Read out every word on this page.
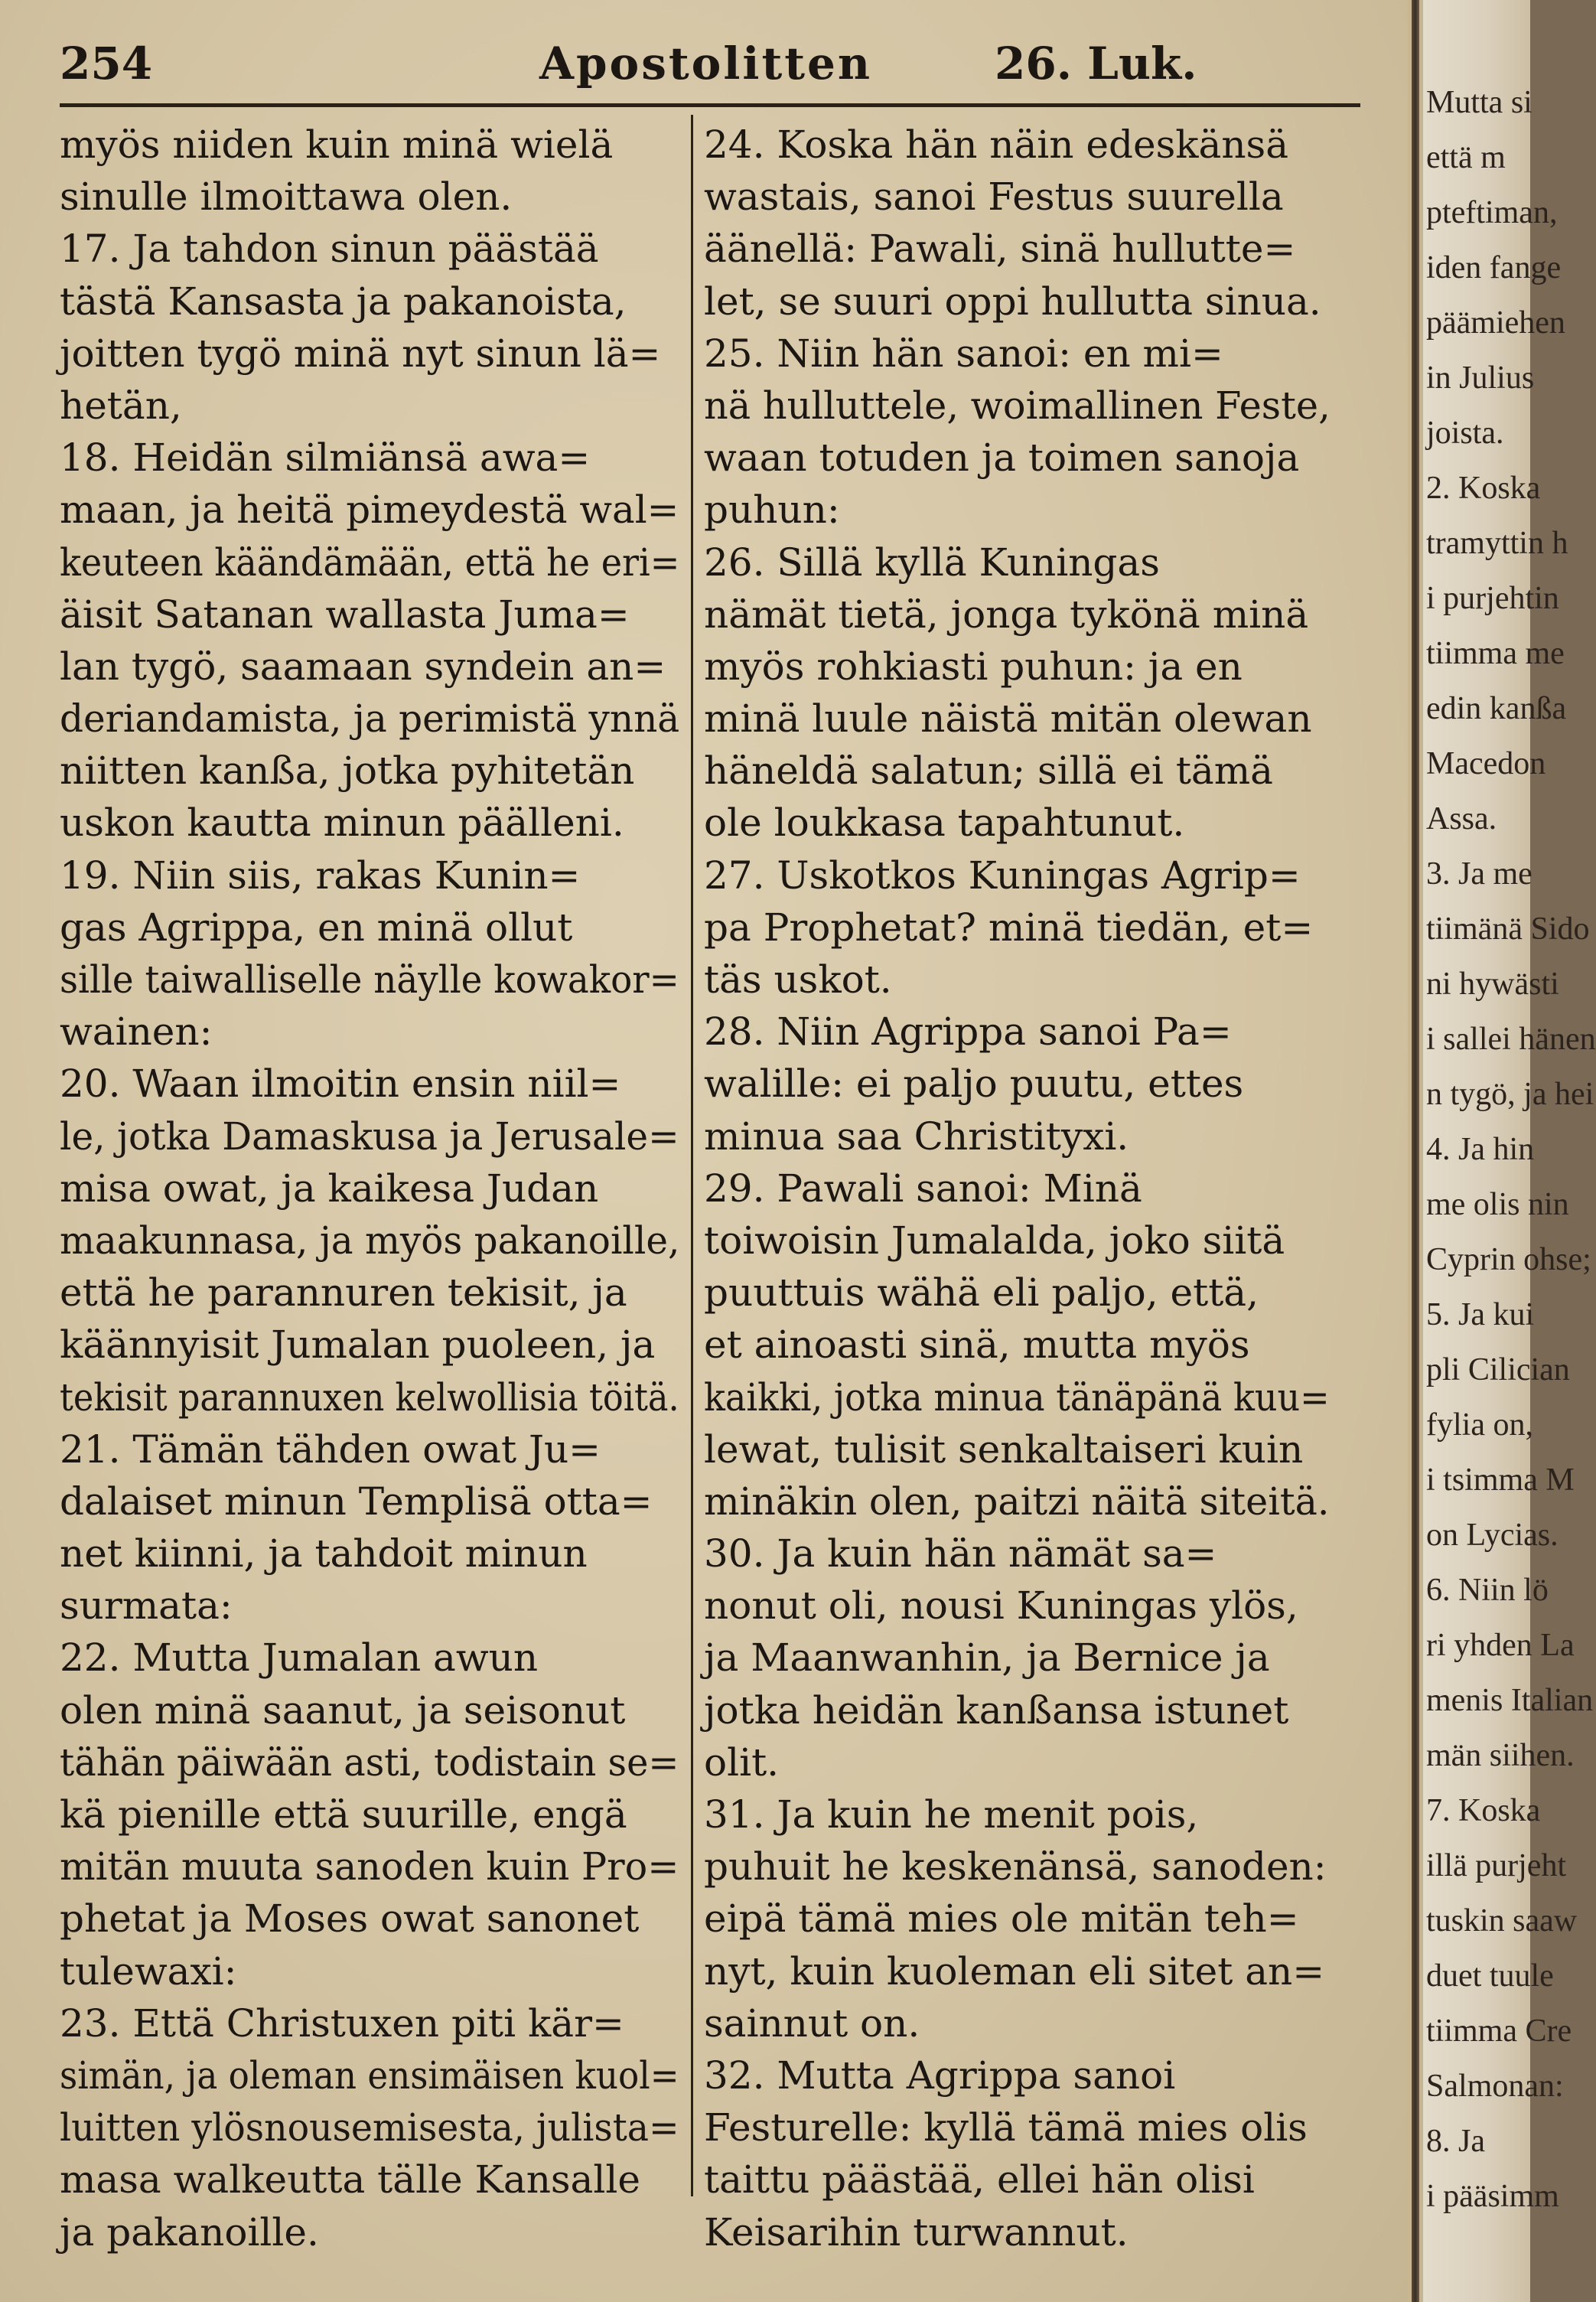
254	Apostolitten	26. Luk.
myös niiden kuin minä wielä
sinulle ilmoittawa olen.
17. Ja tahdon sinun päästää
tästä Kansasta ja pakanoista,
joitten tygö minä nyt sinun lä=
hetän,
18. Heidän silmiänsä awa=
maan, ja heitä pimeydestä wal=
keuteen käändämään, että he eri=
äisit Satanan wallasta Juma=
lan tygö, saamaan syndein an=
deriandamista, ja perimistä ynnä
niitten kanßa, jotka pyhitetän
uskon kautta minun päälleni.
19. Niin siis, rakas Kunin=
gas Agrippa, en minä ollut
sille taiwalliselle näylle kowakor=
wainen:
20. Waan ilmoitin ensin niil=
le, jotka Damaskusa ja Jerusale=
misa owat, ja kaikesa Judan
maakunnasa, ja myös pakanoille,
että he parannuren tekisit, ja
käännyisit Jumalan puoleen, ja
tekisit parannuxen kelwollisia töitä.
21. Tämän tähden owat Ju=
dalaiset minun Templisä otta=
net kiinni, ja tahdoit minun
surmata:
22. Mutta Jumalan awun
olen minä saanut, ja seisonut
tähän päiwään asti, todistain se=
kä pienille että suurille, engä
mitän muuta sanoden kuin Pro=
phetat ja Moses owat sanonet
tulewaxi:
23. Että Christuxen piti kär=
simän, ja oleman ensimäisen kuol=
luitten ylösnousemisesta, julista=
masa walkeutta tälle Kansalle
ja pakanoille.
24. Koska hän näin edeskänsä
wastais, sanoi Festus suurella
äänellä: Pawali, sinä hullutte=
let, se suuri oppi hullutta sinua.
25. Niin hän sanoi: en mi=
nä hulluttele, woimallinen Feste,
waan totuden ja toimen sanoja
puhun:
26. Sillä kyllä Kuningas
nämät tietä, jonga tykönä minä
myös rohkiasti puhun: ja en
minä luule näistä mitän olewan
häneldä salatun; sillä ei tämä
ole loukkasa tapahtunut.
27. Uskotkos Kuningas Agrip=
pa Prophetat? minä tiedän, et=
täs uskot.
28. Niin Agrippa sanoi Pa=
walille: ei paljo puutu, ettes
minua saa Christityxi.
29. Pawali sanoi: Minä
toiwoisin Jumalalda, joko siitä
puuttuis wähä eli paljo, että,
et ainoasti sinä, mutta myös
kaikki, jotka minua tänäpänä kuu=
lewat, tulisit senkaltaiseri kuin
minäkin olen, paitzi näitä siteitä.
30. Ja kuin hän nämät sa=
nonut oli, nousi Kuningas ylös,
ja Maanwanhin, ja Bernice ja
jotka heidän kanßansa istunet
olit.
31. Ja kuin he menit pois,
puhuit he keskenänsä, sanoden:
eipä tämä mies ole mitän teh=
nyt, kuin kuoleman eli sitet an=
sainnut on.
32. Mutta Agrippa sanoi
Festurelle: kyllä tämä mies olis
taittu päästää, ellei hän olisi
Keisarihin turwannut.
Mutta si
että m
pteftiman,
iden fange
päämiehen
in Julius
joista.
2. Koska
tramyttin h
i purjehtin
tiimma me
edin kanßa
Macedon
Assa.
3. Ja me
tiimänä Sido
ni hywästi
i sallei hänen
n tygö, ja hei
4. Ja hin
me olis nin
Cyprin ohse;
5. Ja kui
pli Cilician
fylia on,
i tsimma M
on Lycias.
6. Niin lö
ri yhden La
menis Italian
män siihen.
7. Koska
illä purjeht
tuskin saaw
duet tuule
tiimma Cre
Salmonan:
8. Ja
i pääsimm
